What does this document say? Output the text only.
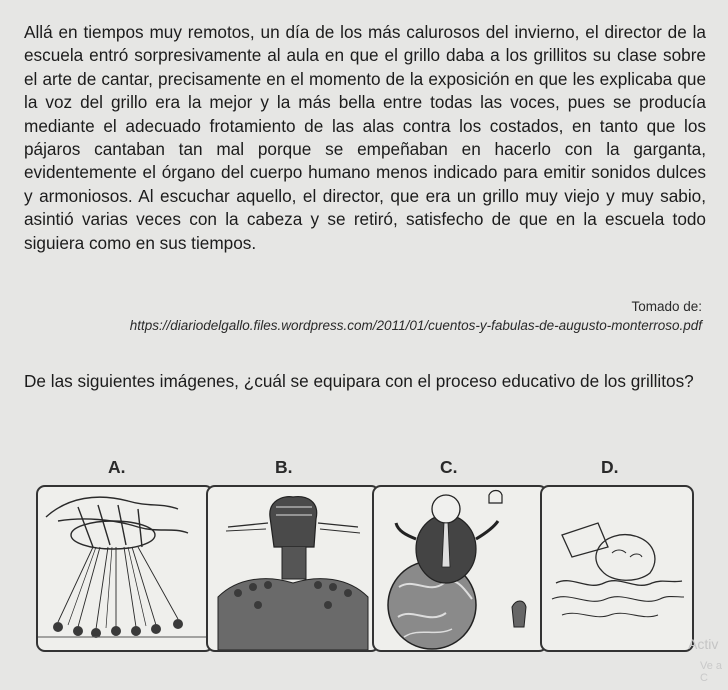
Allá en tiempos muy remotos, un día de los más calurosos del invierno, el director de la escuela entró sorpresivamente al aula en que el grillo daba a los grillitos su clase sobre el arte de cantar, precisamente en el momento de la exposición en que les explicaba que la voz del grillo era la mejor y la más bella entre todas las voces, pues se producía mediante el adecuado frotamiento de las alas contra los costados, en tanto que los pájaros cantaban tan mal porque se empeñaban en hacerlo con la garganta, evidentemente el órgano del cuerpo humano menos indicado para emitir sonidos dulces y armoniosos. Al escuchar aquello, el director, que era un grillo muy viejo y muy sabio, asintió varias veces con la cabeza y se retiró, satisfecho de que en la escuela todo siguiera como en sus tiempos.

Tomado de:

https://diariodelgallo.files.wordpress.com/2011/01/cuentos-y-fabulas-de-augusto-monterroso.pdf

De las siguientes imágenes, ¿cuál se equipara con el proceso educativo de los grillitos?

A.	B.	C.	D.

Activ

Ve a C
